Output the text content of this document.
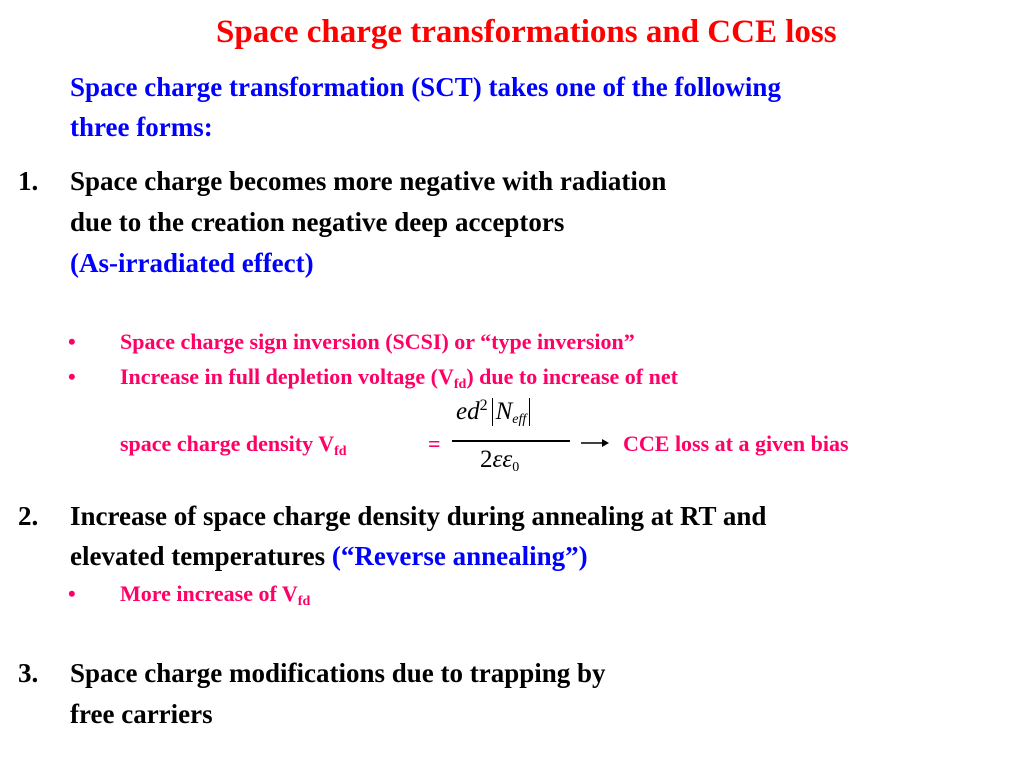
Space charge transformations and CCE loss
Space charge transformation (SCT) takes one of the following
three forms:
1. Space charge becomes more negative with radiation
due to the creation negative deep acceptors
(As-irradiated effect)
• Space charge sign inversion (SCSI) or “type inversion”
• Increase in full depletion voltage $(V_{fd})$ due to increase of net
space charge density $V_{fd}$	=
$ed^2$ $N_{eff}$
$2\varepsilon\varepsilon_0$
CCE loss at a given bias
2. Increase of space charge density during annealing at RT and
elevated temperatures (“Reverse annealing”)
• More increase of $V_{fd}$
3. Space charge modifications due to trapping by
free carriers
